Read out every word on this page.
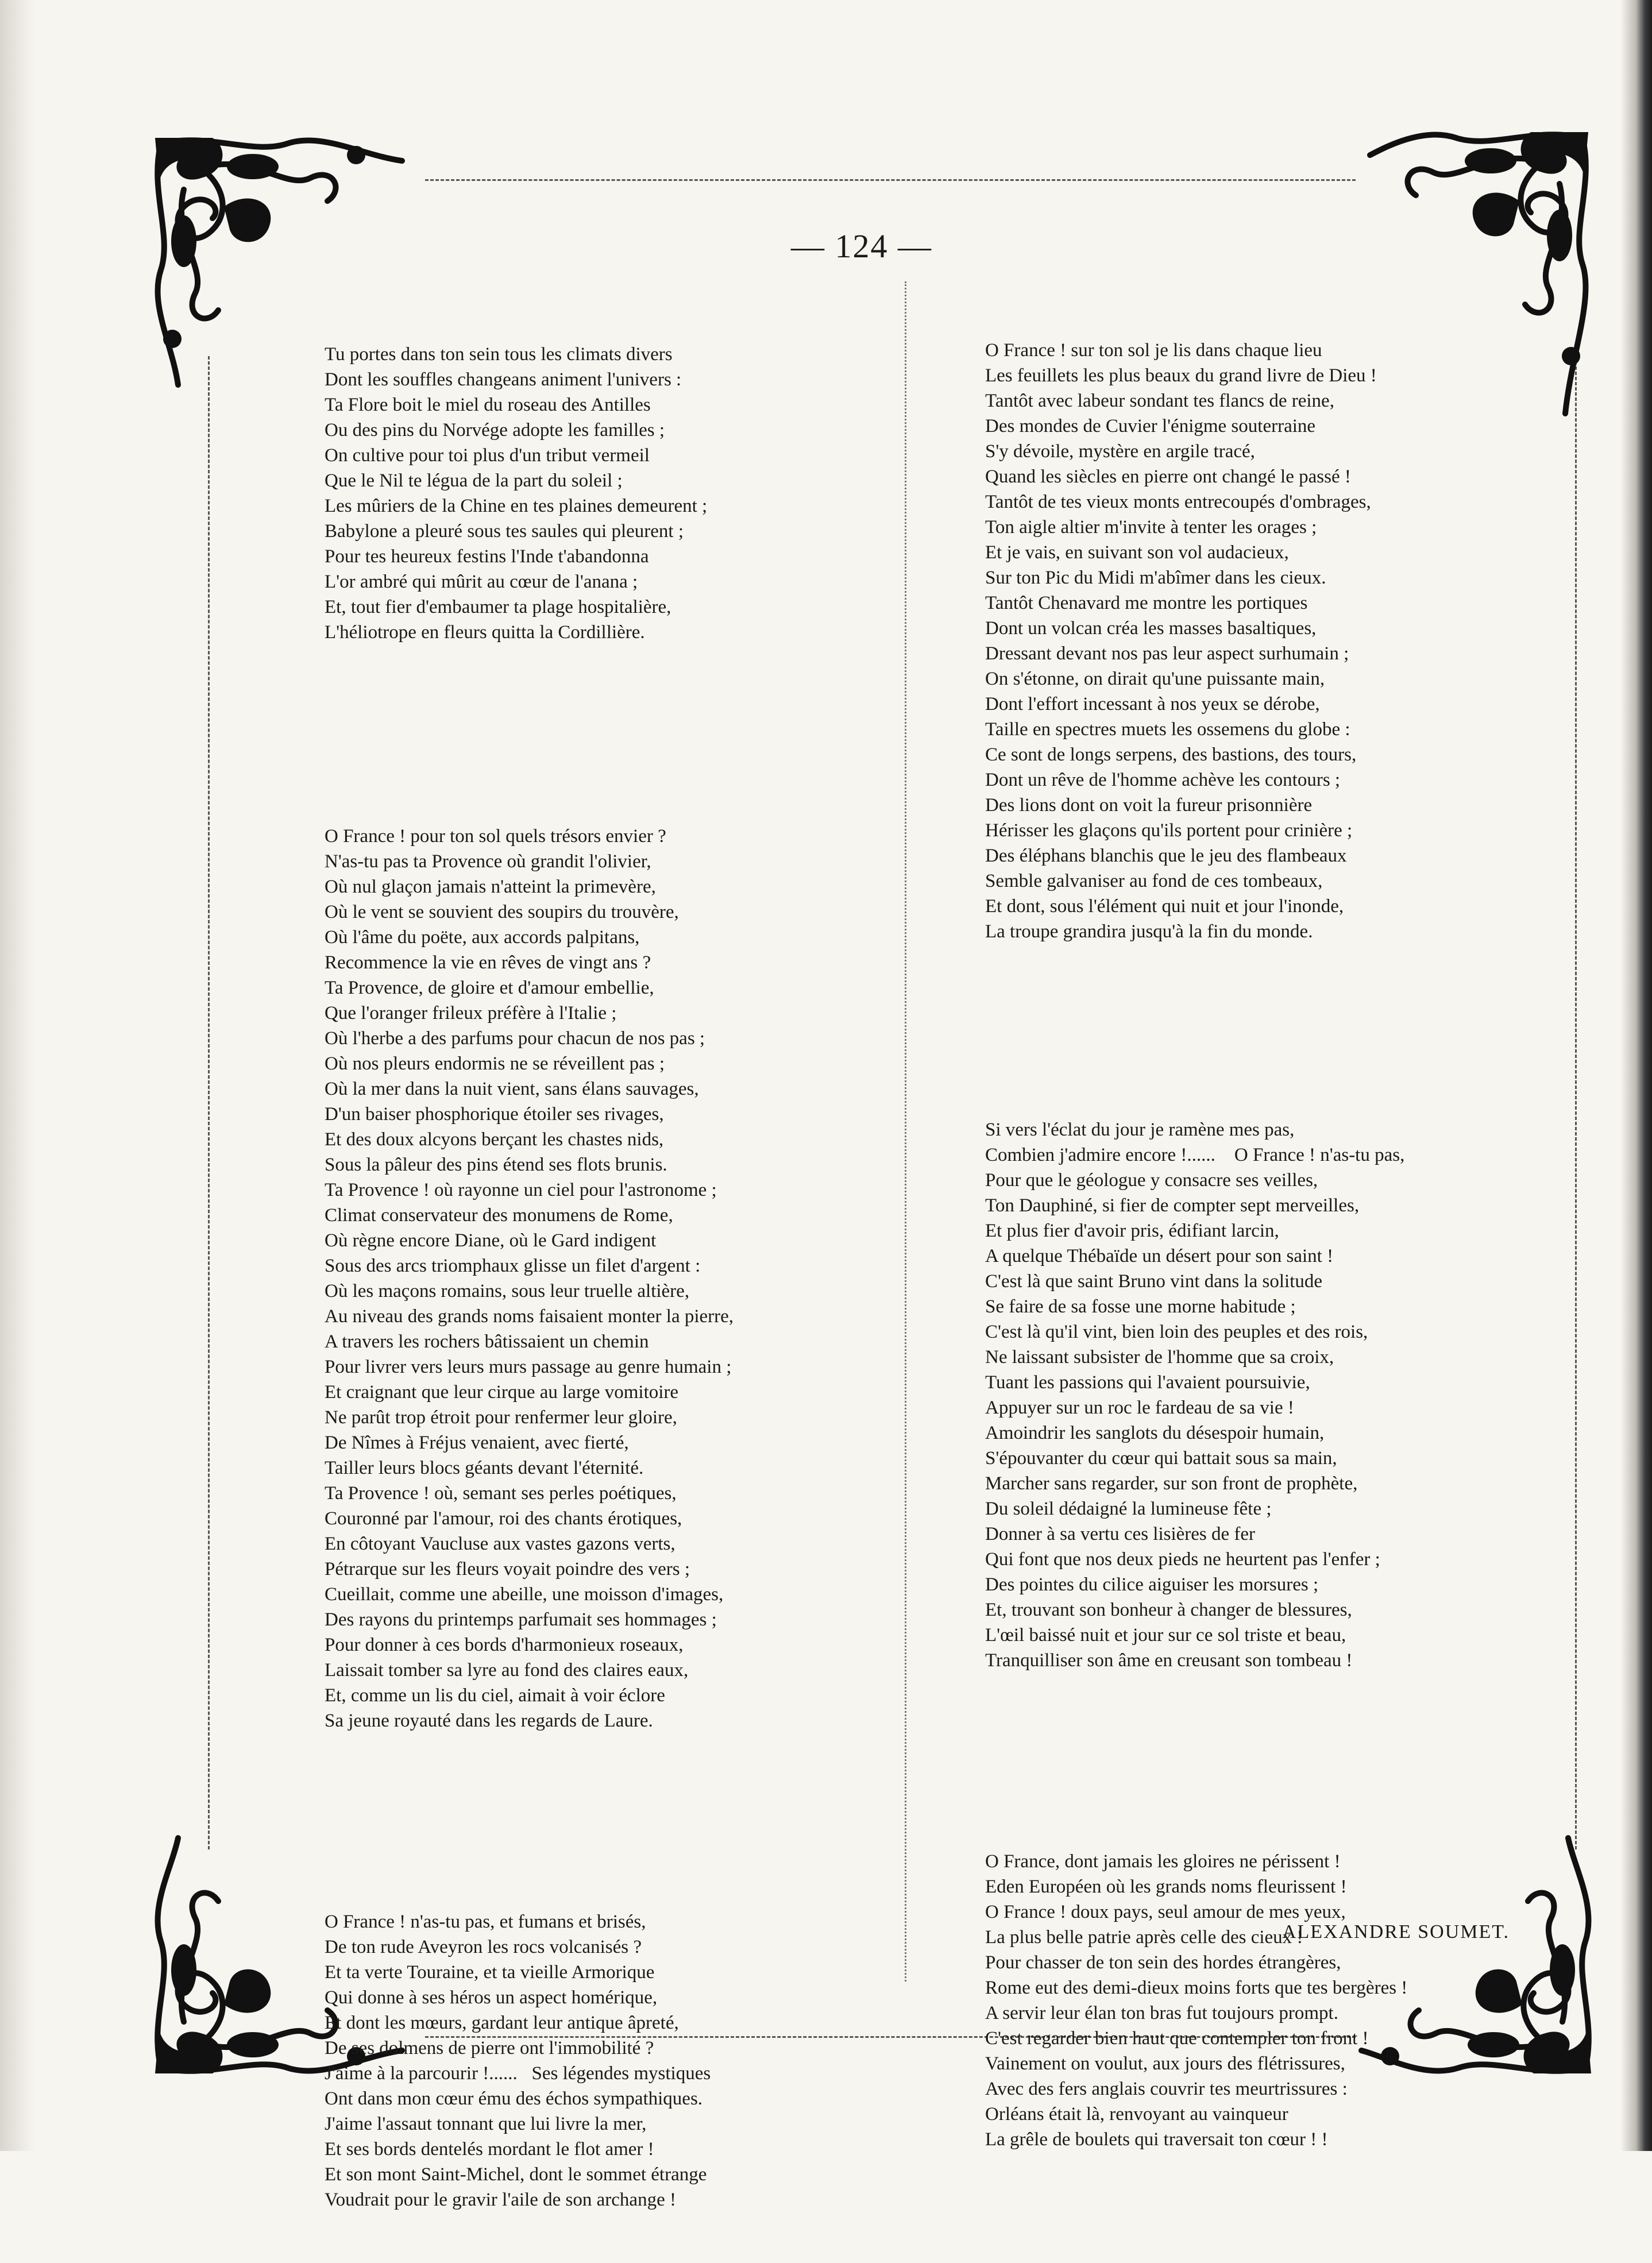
— 124 —

Tu portes dans ton sein tous les climats divers
Dont les souffles changeans animent l'univers :
Ta Flore boit le miel du roseau des Antilles
Ou des pins du Norvége adopte les familles ;
On cultive pour toi plus d'un tribut vermeil
Que le Nil te légua de la part du soleil ;
Les mûriers de la Chine en tes plaines demeurent ;
Babylone a pleuré sous tes saules qui pleurent ;
Pour tes heureux festins l'Inde t'abandonna
L'or ambré qui mûrit au cœur de l'anana ;
Et, tout fier d'embaumer ta plage hospitalière,
L'héliotrope en fleurs quitta la Cordillière.

O France ! pour ton sol quels trésors envier ?
N'as-tu pas ta Provence où grandit l'olivier,
Où nul glaçon jamais n'atteint la primevère,
Où le vent se souvient des soupirs du trouvère,
Où l'âme du poëte, aux accords palpitans,
Recommence la vie en rêves de vingt ans ?
Ta Provence, de gloire et d'amour embellie,
Que l'oranger frileux préfère à l'Italie ;
Où l'herbe a des parfums pour chacun de nos pas ;
Où nos pleurs endormis ne se réveillent pas ;
Où la mer dans la nuit vient, sans élans sauvages,
D'un baiser phosphorique étoiler ses rivages,
Et des doux alcyons berçant les chastes nids,
Sous la pâleur des pins étend ses flots brunis.
Ta Provence ! où rayonne un ciel pour l'astronome ;
Climat conservateur des monumens de Rome,
Où règne encore Diane, où le Gard indigent
Sous des arcs triomphaux glisse un filet d'argent :
Où les maçons romains, sous leur truelle altière,
Au niveau des grands noms faisaient monter la pierre,
A travers les rochers bâtissaient un chemin
Pour livrer vers leurs murs passage au genre humain ;
Et craignant que leur cirque au large vomitoire
Ne parût trop étroit pour renfermer leur gloire,
De Nîmes à Fréjus venaient, avec fierté,
Tailler leurs blocs géants devant l'éternité.
Ta Provence ! où, semant ses perles poétiques,
Couronné par l'amour, roi des chants érotiques,
En côtoyant Vaucluse aux vastes gazons verts,
Pétrarque sur les fleurs voyait poindre des vers ;
Cueillait, comme une abeille, une moisson d'images,
Des rayons du printemps parfumait ses hommages ;
Pour donner à ces bords d'harmonieux roseaux,
Laissait tomber sa lyre au fond des claires eaux,
Et, comme un lis du ciel, aimait à voir éclore
Sa jeune royauté dans les regards de Laure.

O France ! n'as-tu pas, et fumans et brisés,
De ton rude Aveyron les rocs volcanisés ?
Et ta verte Touraine, et ta vieille Armorique
Qui donne à ses héros un aspect homérique,
Et dont les mœurs, gardant leur antique âpreté,
De ses dolmens de pierre ont l'immobilité ?
J'aime à la parcourir !......   Ses légendes mystiques
Ont dans mon cœur ému des échos sympathiques.
J'aime l'assaut tonnant que lui livre la mer,
Et ses bords dentelés mordant le flot amer !
Et son mont Saint-Michel, dont le sommet étrange
Voudrait pour le gravir l'aile de son archange !

O France ! sur ton sol je lis dans chaque lieu
Les feuillets les plus beaux du grand livre de Dieu !
Tantôt avec labeur sondant tes flancs de reine,
Des mondes de Cuvier l'énigme souterraine
S'y dévoile, mystère en argile tracé,
Quand les siècles en pierre ont changé le passé !
Tantôt de tes vieux monts entrecoupés d'ombrages,
Ton aigle altier m'invite à tenter les orages ;
Et je vais, en suivant son vol audacieux,
Sur ton Pic du Midi m'abîmer dans les cieux.
Tantôt Chenavard me montre les portiques
Dont un volcan créa les masses basaltiques,
Dressant devant nos pas leur aspect surhumain ;
On s'étonne, on dirait qu'une puissante main,
Dont l'effort incessant à nos yeux se dérobe,
Taille en spectres muets les ossemens du globe :
Ce sont de longs serpens, des bastions, des tours,
Dont un rêve de l'homme achève les contours ;
Des lions dont on voit la fureur prisonnière
Hérisser les glaçons qu'ils portent pour crinière ;
Des éléphans blanchis que le jeu des flambeaux
Semble galvaniser au fond de ces tombeaux,
Et dont, sous l'élément qui nuit et jour l'inonde,
La troupe grandira jusqu'à la fin du monde.

Si vers l'éclat du jour je ramène mes pas,
Combien j'admire encore !......    O France ! n'as-tu pas,
Pour que le géologue y consacre ses veilles,
Ton Dauphiné, si fier de compter sept merveilles,
Et plus fier d'avoir pris, édifiant larcin,
A quelque Thébaïde un désert pour son saint !
C'est là que saint Bruno vint dans la solitude
Se faire de sa fosse une morne habitude ;
C'est là qu'il vint, bien loin des peuples et des rois,
Ne laissant subsister de l'homme que sa croix,
Tuant les passions qui l'avaient poursuivie,
Appuyer sur un roc le fardeau de sa vie !
Amoindrir les sanglots du désespoir humain,
S'épouvanter du cœur qui battait sous sa main,
Marcher sans regarder, sur son front de prophète,
Du soleil dédaigné la lumineuse fête ;
Donner à sa vertu ces lisières de fer
Qui font que nos deux pieds ne heurtent pas l'enfer ;
Des pointes du cilice aiguiser les morsures ;
Et, trouvant son bonheur à changer de blessures,
L'œil baissé nuit et jour sur ce sol triste et beau,
Tranquilliser son âme en creusant son tombeau !

O France, dont jamais les gloires ne périssent !
Eden Européen où les grands noms fleurissent !
O France ! doux pays, seul amour de mes yeux,
La plus belle patrie après celle des cieux !
Pour chasser de ton sein des hordes étrangères,
Rome eut des demi-dieux moins forts que tes bergères !
A servir leur élan ton bras fut toujours prompt.
C'est regarder bien haut que contempler ton front !
Vainement on voulut, aux jours des flétrissures,
Avec des fers anglais couvrir tes meurtrissures :
Orléans était là, renvoyant au vainqueur
La grêle de boulets qui traversait ton cœur ! !

ALEXANDRE SOUMET.
